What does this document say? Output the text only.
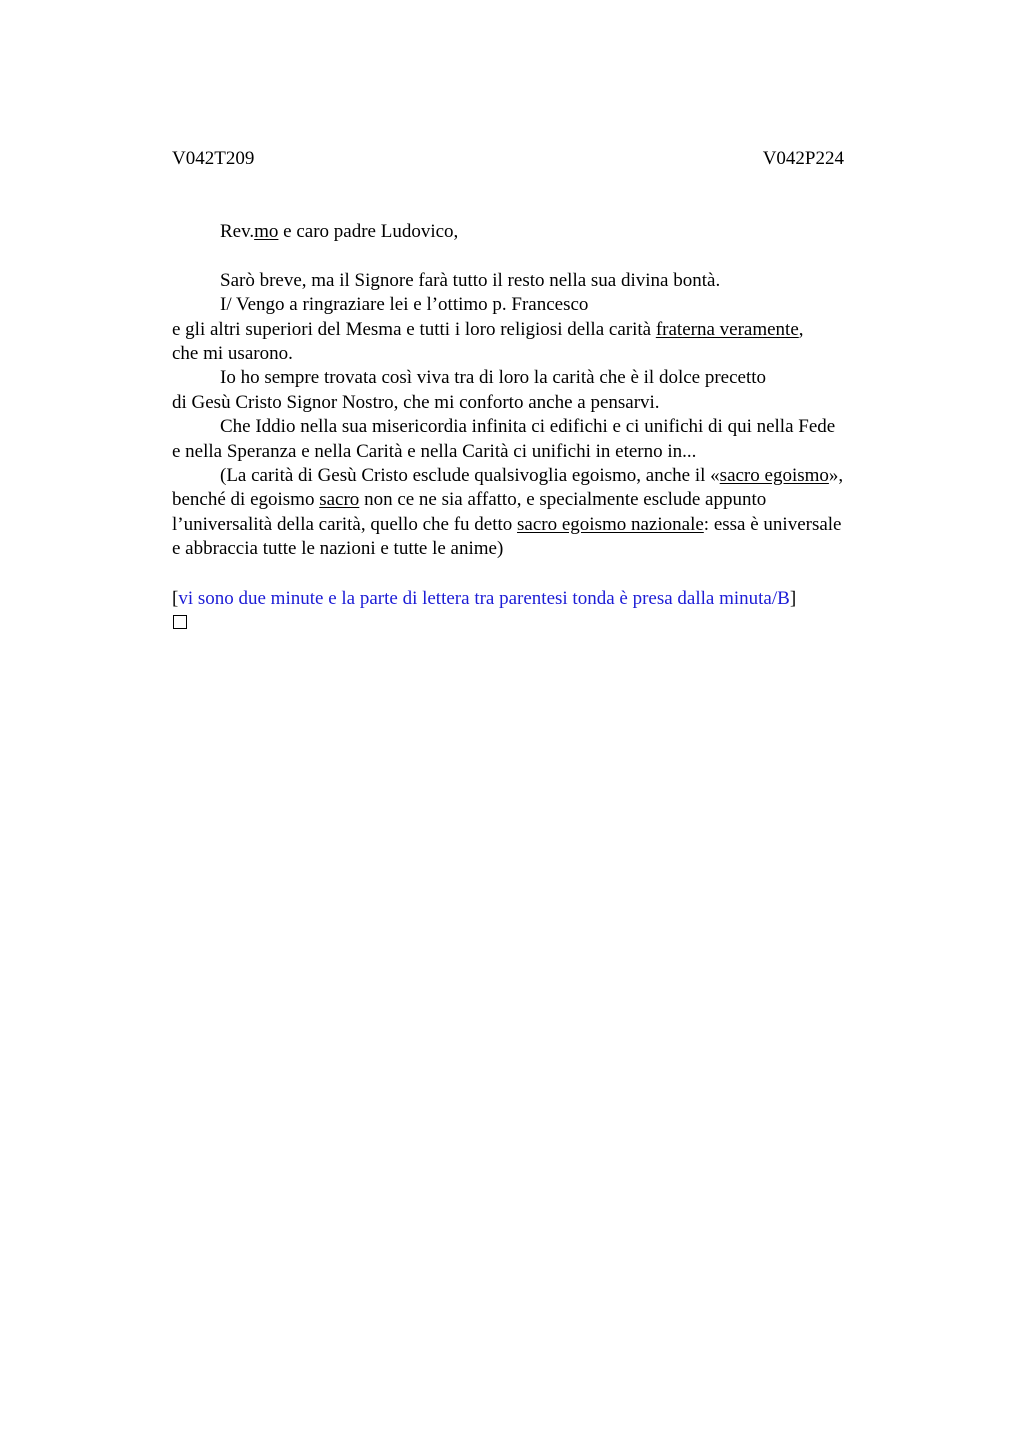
V042T209	V042P224
Rev.mo e caro padre Ludovico,
Sarò breve, ma il Signore farà tutto il resto nella sua divina bontà.
I/ Vengo a ringraziare lei e l’ottimo p. Francesco
e gli altri superiori del Mesma e tutti i loro religiosi della carità fraterna veramente,
che mi usarono.
Io ho sempre trovata così viva tra di loro la carità che è il dolce precetto
di Gesù Cristo Signor Nostro, che mi conforto anche a pensarvi.
Che Iddio nella sua misericordia infinita ci edifichi e ci unifichi di qui nella Fede
e nella Speranza e nella Carità e nella Carità ci unifichi in eterno in...
(La carità di Gesù Cristo esclude qualsivoglia egoismo, anche il «sacro egoismo»,
benché di egoismo sacro non ce ne sia affatto, e specialmente esclude appunto
l’universalità della carità, quello che fu detto sacro egoismo nazionale: essa è universale
e abbraccia tutte le nazioni e tutte le anime)
[vi sono due minute e la parte di lettera tra parentesi tonda è presa dalla minuta/B]
